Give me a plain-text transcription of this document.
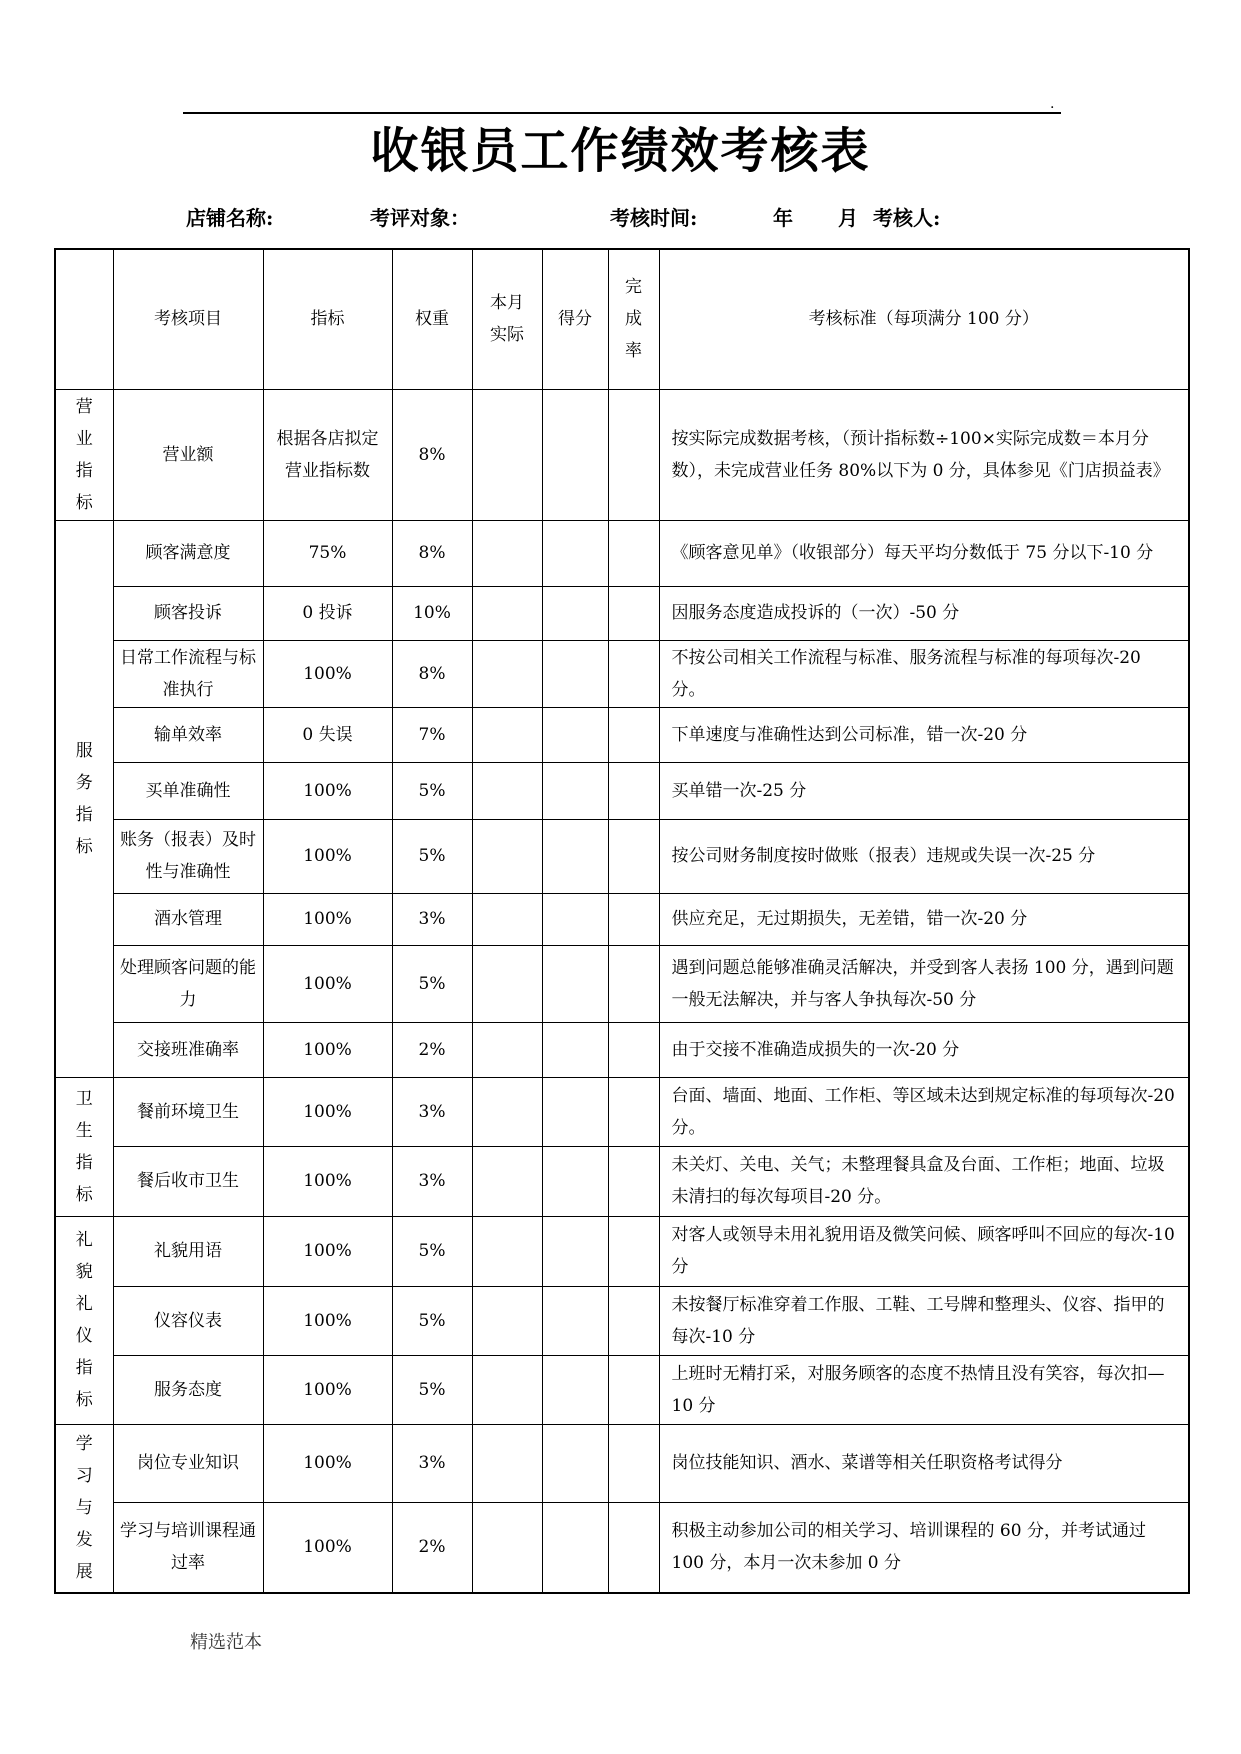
.
收银员工作绩效考核表
店铺名称:	考评对象：	考核时间:	年 月 考核人:
	考核项目	指标	权重	本月实际	得分	完成率	考核标准（每项满分 100 分）
营业指标	营业额	根据各店拟定营业指标数	8%				按实际完成数据考核，（预计指标数÷100×实际完成数＝本月分数），未完成营业任务 80%以下为 0 分，具体参见《门店损益表》
服务指标	顾客满意度	75%	8%				《顾客意见单》（收银部分）每天平均分数低于 75 分以下-10 分
	顾客投诉	0 投诉	10%				因服务态度造成投诉的（一次）-50 分
	日常工作流程与标准执行	100%	8%				不按公司相关工作流程与标准、服务流程与标准的每项每次-20 分。
	输单效率	0 失误	7%				下单速度与准确性达到公司标准，错一次-20 分
	买单准确性	100%	5%				买单错一次-25 分
	账务（报表）及时性与准确性	100%	5%				按公司财务制度按时做账（报表）违规或失误一次-25 分
	酒水管理	100%	3%				供应充足，无过期损失，无差错，错一次-20 分
	处理顾客问题的能力	100%	5%				遇到问题总能够准确灵活解决，并受到客人表扬 100 分，遇到问题一般无法解决，并与客人争执每次-50 分
	交接班准确率	100%	2%				由于交接不准确造成损失的一次-20 分
卫生指标	餐前环境卫生	100%	3%				台面、墙面、地面、工作柜、等区域未达到规定标准的每项每次-20 分。
	餐后收市卫生	100%	3%				未关灯、关电、关气；未整理餐具盒及台面、工作柜；地面、垃圾未清扫的每次每项目-20 分。
礼貌礼仪指标	礼貌用语	100%	5%				对客人或领导未用礼貌用语及微笑问候、顾客呼叫不回应的每次-10 分
	仪容仪表	100%	5%				未按餐厅标准穿着工作服、工鞋、工号牌和整理头、仪容、指甲的每次-10 分
	服务态度	100%	5%				上班时无精打采，对服务顾客的态度不热情且没有笑容，每次扣—10 分
学习与发展	岗位专业知识	100%	3%				岗位技能知识、酒水、菜谱等相关任职资格考试得分
	学习与培训课程通过率	100%	2%				积极主动参加公司的相关学习、培训课程的 60 分，并考试通过 100 分，本月一次未参加 0 分
精选范本
